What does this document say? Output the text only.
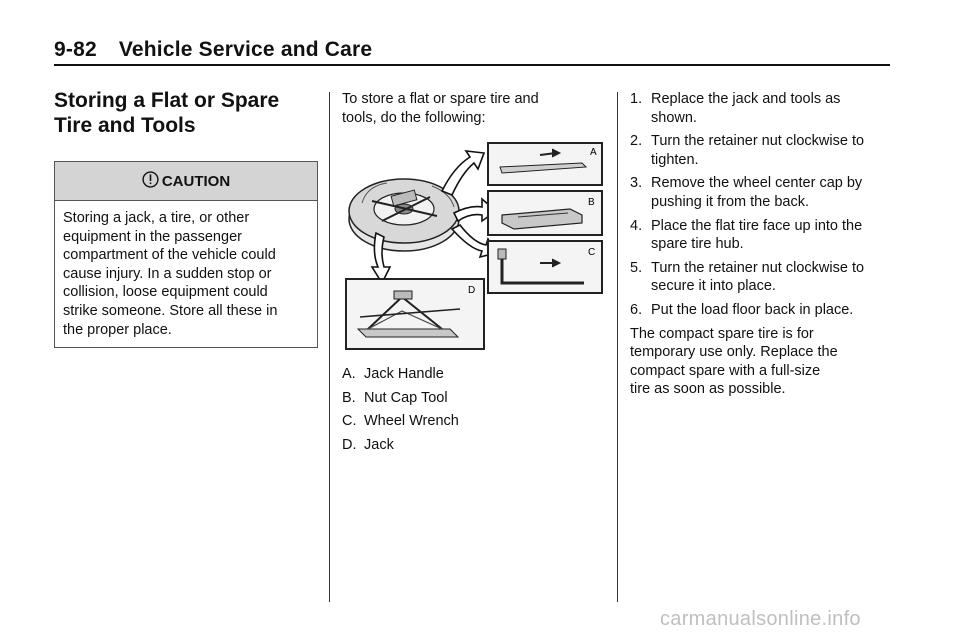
9-82 Vehicle Service and Care
Storing a Flat or Spare
Tire and Tools
CAUTION
Storing a jack, a tire, or other
equipment in the passenger
compartment of the vehicle could
cause injury. In a sudden stop or
collision, loose equipment could
strike someone. Store all these in
the proper place.
To store a flat or spare tire and
tools, do the following:
A
B
C
D
A. Jack Handle
B. Nut Cap Tool
C. Wheel Wrench
D. Jack
1. Replace the jack and tools as
shown.
2. Turn the retainer nut clockwise to
tighten.
3. Remove the wheel center cap by
pushing it from the back.
4. Place the flat tire face up into the
spare tire hub.
5. Turn the retainer nut clockwise to
secure it into place.
6. Put the load floor back in place.
The compact spare tire is for
temporary use only. Replace the
compact spare with a full-size
tire as soon as possible.
carmanualsonline.info
